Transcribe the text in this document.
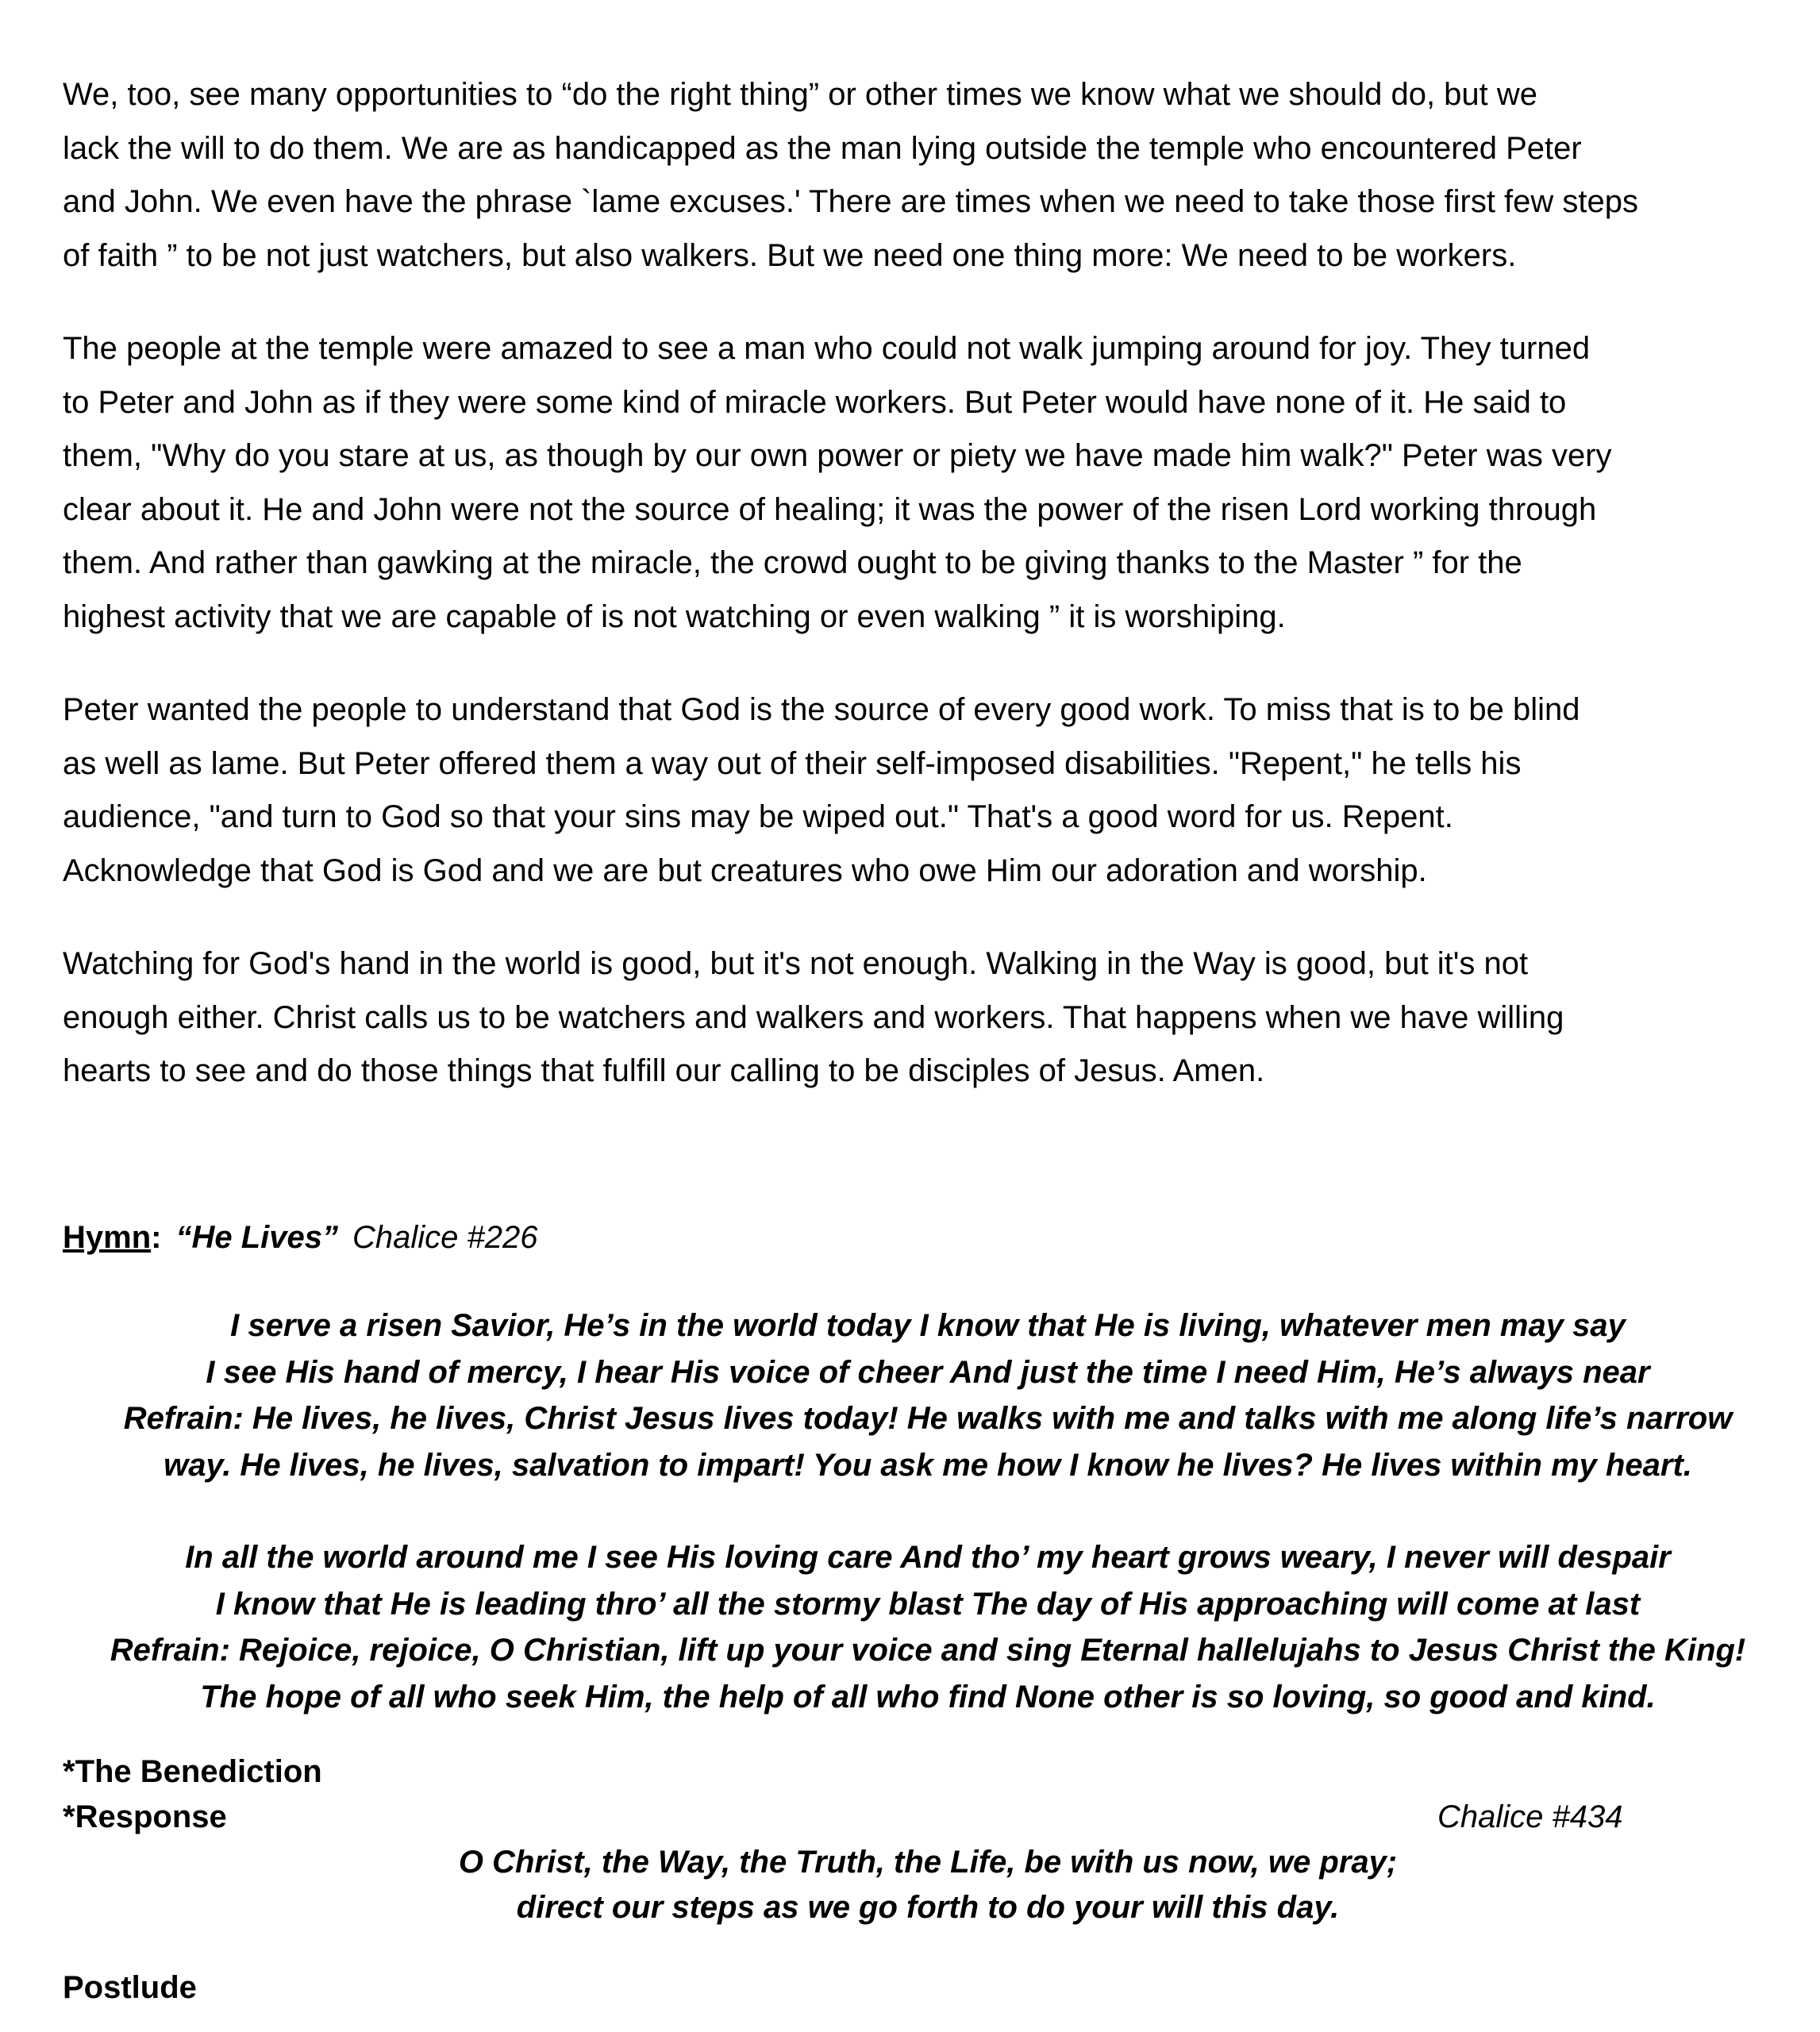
We, too, see many opportunities to “do the right thing” or other times we know what we should do, but we
lack the will to do them. We are as handicapped as the man lying outside the temple who encountered Peter
and John. We even have the phrase `lame excuses.' There are times when we need to take those first few steps
of faith ” to be not just watchers, but also walkers. But we need one thing more: We need to be workers.

The people at the temple were amazed to see a man who could not walk jumping around for joy. They turned
to Peter and John as if they were some kind of miracle workers. But Peter would have none of it. He said to
them, "Why do you stare at us, as though by our own power or piety we have made him walk?" Peter was very
clear about it. He and John were not the source of healing; it was the power of the risen Lord working through
them. And rather than gawking at the miracle, the crowd ought to be giving thanks to the Master ” for the
highest activity that we are capable of is not watching or even walking ” it is worshiping.

Peter wanted the people to understand that God is the source of every good work. To miss that is to be blind
as well as lame. But Peter offered them a way out of their self-imposed disabilities. "Repent," he tells his
audience, "and turn to God so that your sins may be wiped out." That's a good word for us. Repent.
Acknowledge that God is God and we are but creatures who owe Him our adoration and worship.

Watching for God's hand in the world is good, but it's not enough. Walking in the Way is good, but it's not
enough either. Christ calls us to be watchers and walkers and workers. That happens when we have willing
hearts to see and do those things that fulfill our calling to be disciples of Jesus. Amen.

Hymn: “He Lives” Chalice #226
I serve a risen Savior, He’s in the world today I know that He is living, whatever men may say
I see His hand of mercy, I hear His voice of cheer And just the time I need Him, He’s always near
Refrain: He lives, he lives, Christ Jesus lives today! He walks with me and talks with me along life’s narrow
way. He lives, he lives, salvation to impart! You ask me how I know he lives? He lives within my heart.
In all the world around me I see His loving care And tho’ my heart grows weary, I never will despair
I know that He is leading thro’ all the stormy blast The day of His approaching will come at last
Refrain: Rejoice, rejoice, O Christian, lift up your voice and sing Eternal hallelujahs to Jesus Christ the King!
The hope of all who seek Him, the help of all who find None other is so loving, so good and kind.
*The Benediction
*Response	Chalice #434
O Christ, the Way, the Truth, the Life, be with us now, we pray;
direct our steps as we go forth to do your will this day.
Postlude
